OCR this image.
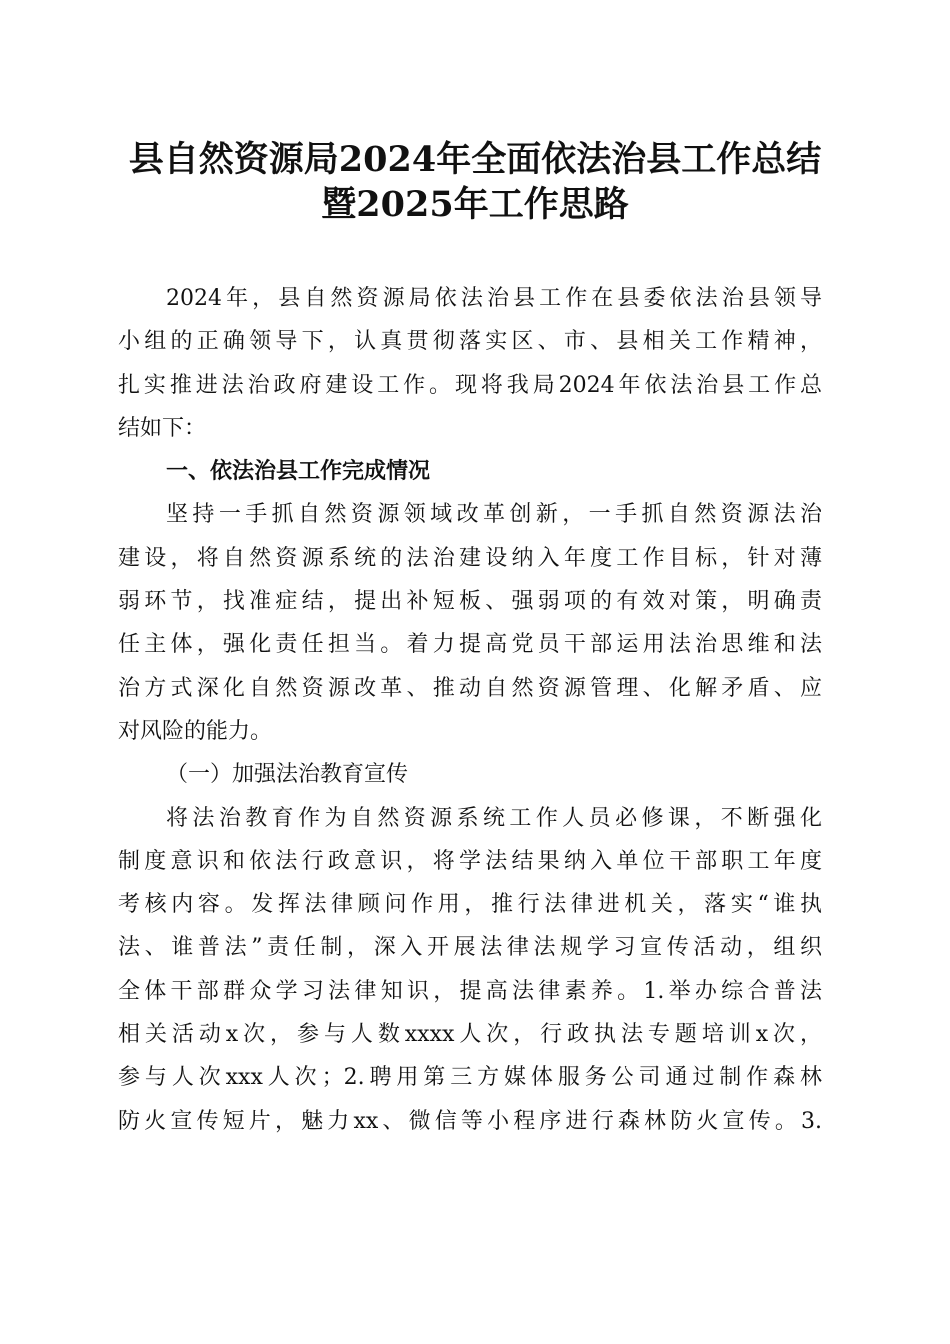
县自然资源局2024年全面依法治县工作总结
暨2025年工作思路
2024年，县自然资源局依法治县工作在县委依法治县领导
小组的正确领导下，认真贯彻落实区、市、县相关工作精神，
扎实推进法治政府建设工作。现将我局2024年依法治县工作总
结如下：
一、依法治县工作完成情况
坚持一手抓自然资源领域改革创新，一手抓自然资源法治
建设，将自然资源系统的法治建设纳入年度工作目标，针对薄
弱环节，找准症结，提出补短板、强弱项的有效对策，明确责
任主体，强化责任担当。着力提高党员干部运用法治思维和法
治方式深化自然资源改革、推动自然资源管理、化解矛盾、应
对风险的能力。
（一）加强法治教育宣传
将法治教育作为自然资源系统工作人员必修课，不断强化
制度意识和依法行政意识，将学法结果纳入单位干部职工年度
考核内容。发挥法律顾问作用，推行法律进机关，落实“谁执
法、谁普法”责任制，深入开展法律法规学习宣传活动，组织
全体干部群众学习法律知识，提高法律素养。1.举办综合普法
相关活动x次，参与人数xxxx人次，行政执法专题培训x次，
参与人次xxx人次；2.聘用第三方媒体服务公司通过制作森林
防火宣传短片，魅力xx、微信等小程序进行森林防火宣传。3.
